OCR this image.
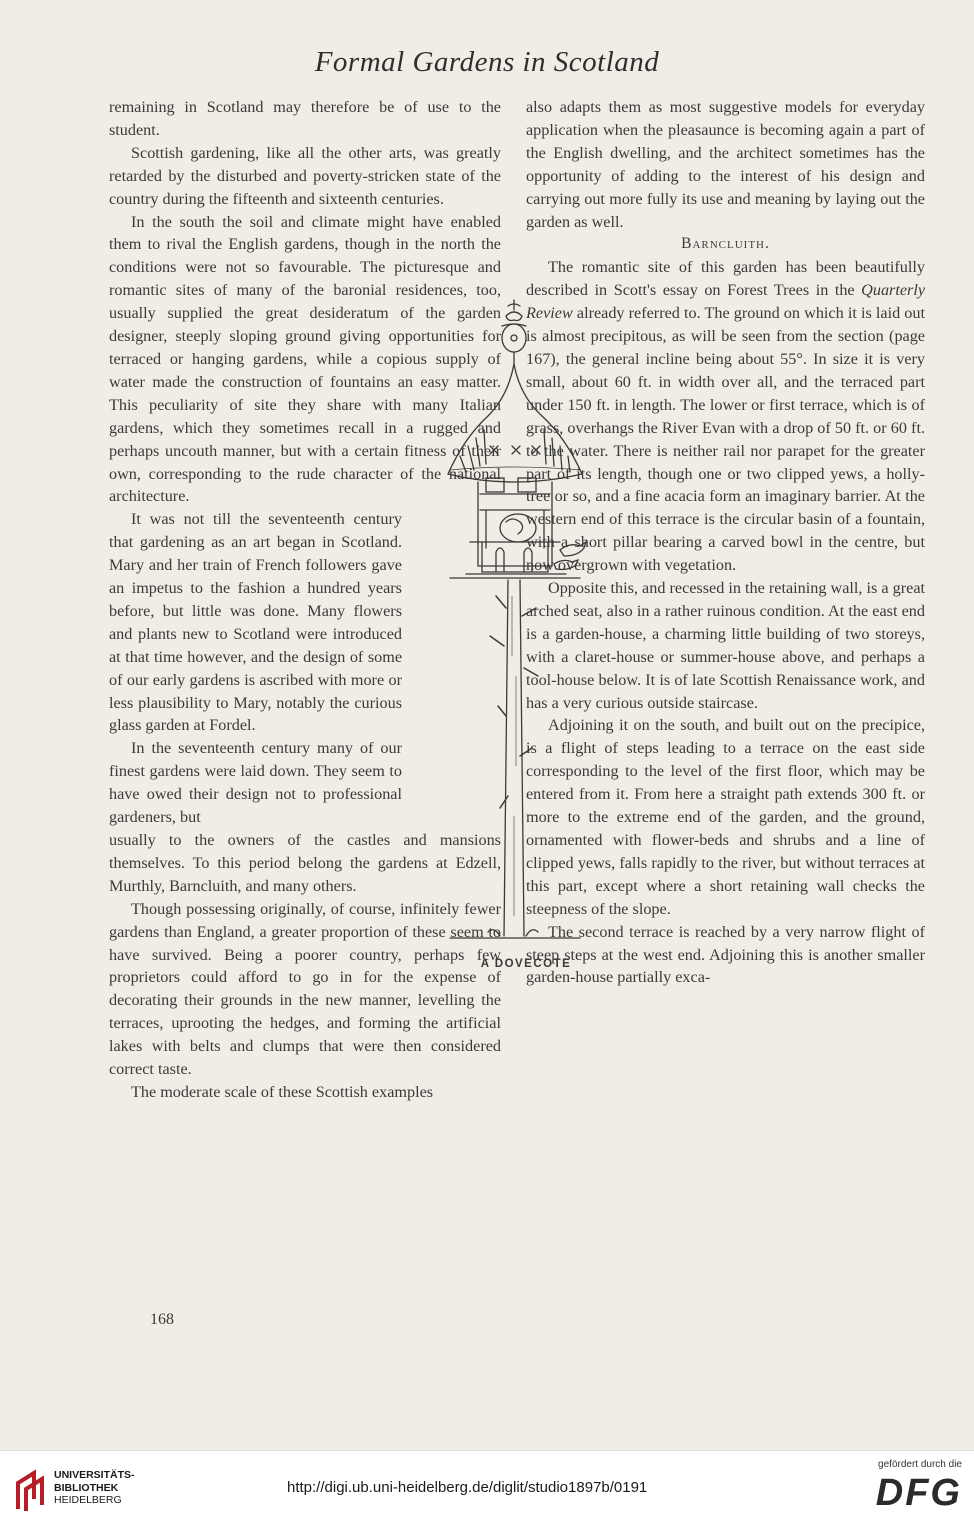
Formal Gardens in Scotland

remaining in Scotland may therefore be of use to the student.

Scottish gardening, like all the other arts, was greatly retarded by the disturbed and poverty-stricken state of the country during the fifteenth and sixteenth centuries.

In the south the soil and climate might have enabled them to rival the English gardens, though in the north the conditions were not so favourable. The picturesque and romantic sites of many of the baronial residences, too, usually supplied the great desideratum of the garden designer, steeply sloping ground giving opportunities for terraced or hanging gardens, while a copious supply of water made the construction of fountains an easy matter. This peculiarity of site they share with many Italian gardens, which they sometimes recall in a rugged and perhaps uncouth manner, but with a certain fitness of their own, corresponding to the rude character of the national architecture.

It was not till the seventeenth century that gardening as an art began in Scotland. Mary and her train of French followers gave an impetus to the fashion a hundred years before, but little was done. Many flowers and plants new to Scotland were introduced at that time however, and the design of some of our early gardens is ascribed with more or less plausibility to Mary, notably the curious glass garden at Fordel.

In the seventeenth century many of our finest gardens were laid down. They seem to have owed their design not to professional gardeners, but

usually to the owners of the castles and mansions themselves. To this period belong the gardens at Edzell, Murthly, Barncluith, and many others.

Though possessing originally, of course, infinitely fewer gardens than England, a greater proportion of these seem to have survived. Being a poorer country, perhaps few proprietors could afford to go in for the expense of decorating their grounds in the new manner, levelling the terraces, uprooting the hedges, and forming the artificial lakes with belts and clumps that were then considered correct taste.

The moderate scale of these Scottish examples

also adapts them as most suggestive models for everyday application when the pleasaunce is becoming again a part of the English dwelling, and the architect sometimes has the opportunity of adding to the interest of his design and carrying out more fully its use and meaning by laying out the garden as well.

Barncluith.

The romantic site of this garden has been beautifully described in Scott's essay on Forest Trees in the Quarterly Review already referred to. The ground on which it is laid out is almost precipitous, as will be seen from the section (page 167), the general incline being about 55°. In size it is very small, about 60 ft. in width over all, and the terraced part under 150 ft. in length. The lower or first terrace, which is of grass, overhangs the River Evan with a drop of 50 ft. or 60 ft. to the water. There is neither rail nor parapet for the greater part of its length, though one or two clipped yews, a holly-tree or so, and a fine acacia form an imaginary barrier. At the western end of this terrace is the circular basin of a fountain, with a short pillar bearing a carved bowl in the centre, but now overgrown with vegetation.

Opposite this, and recessed in the retaining wall, is a great arched seat, also in a rather ruinous condition. At the east end is a garden-house, a charming little building of two storeys, with a claret-house or summer-house above, and perhaps a tool-house below. It is of late Scottish Renaissance work, and has a very curious outside staircase.

Adjoining it on the south, and built out on the precipice, is a flight of steps leading to a terrace on the east side corresponding to the level of the first floor, which may be entered from it. From here a straight path extends 300 ft. or more to the extreme end of the garden, and the ground, ornamented with flower-beds and shrubs and a line of clipped yews, falls rapidly to the river, but without terraces at this part, except where a short retaining wall checks the steepness of the slope.

The second terrace is reached by a very narrow flight of steep steps at the west end. Adjoining this is another smaller garden-house partially exca-

A DOVECOTE
168
UNIVERSITÄTS-
BIBLIOTHEK
HEIDELBERG
http://digi.ub.uni-heidelberg.de/diglit/studio1897b/0191
gefördert durch die
DFG
